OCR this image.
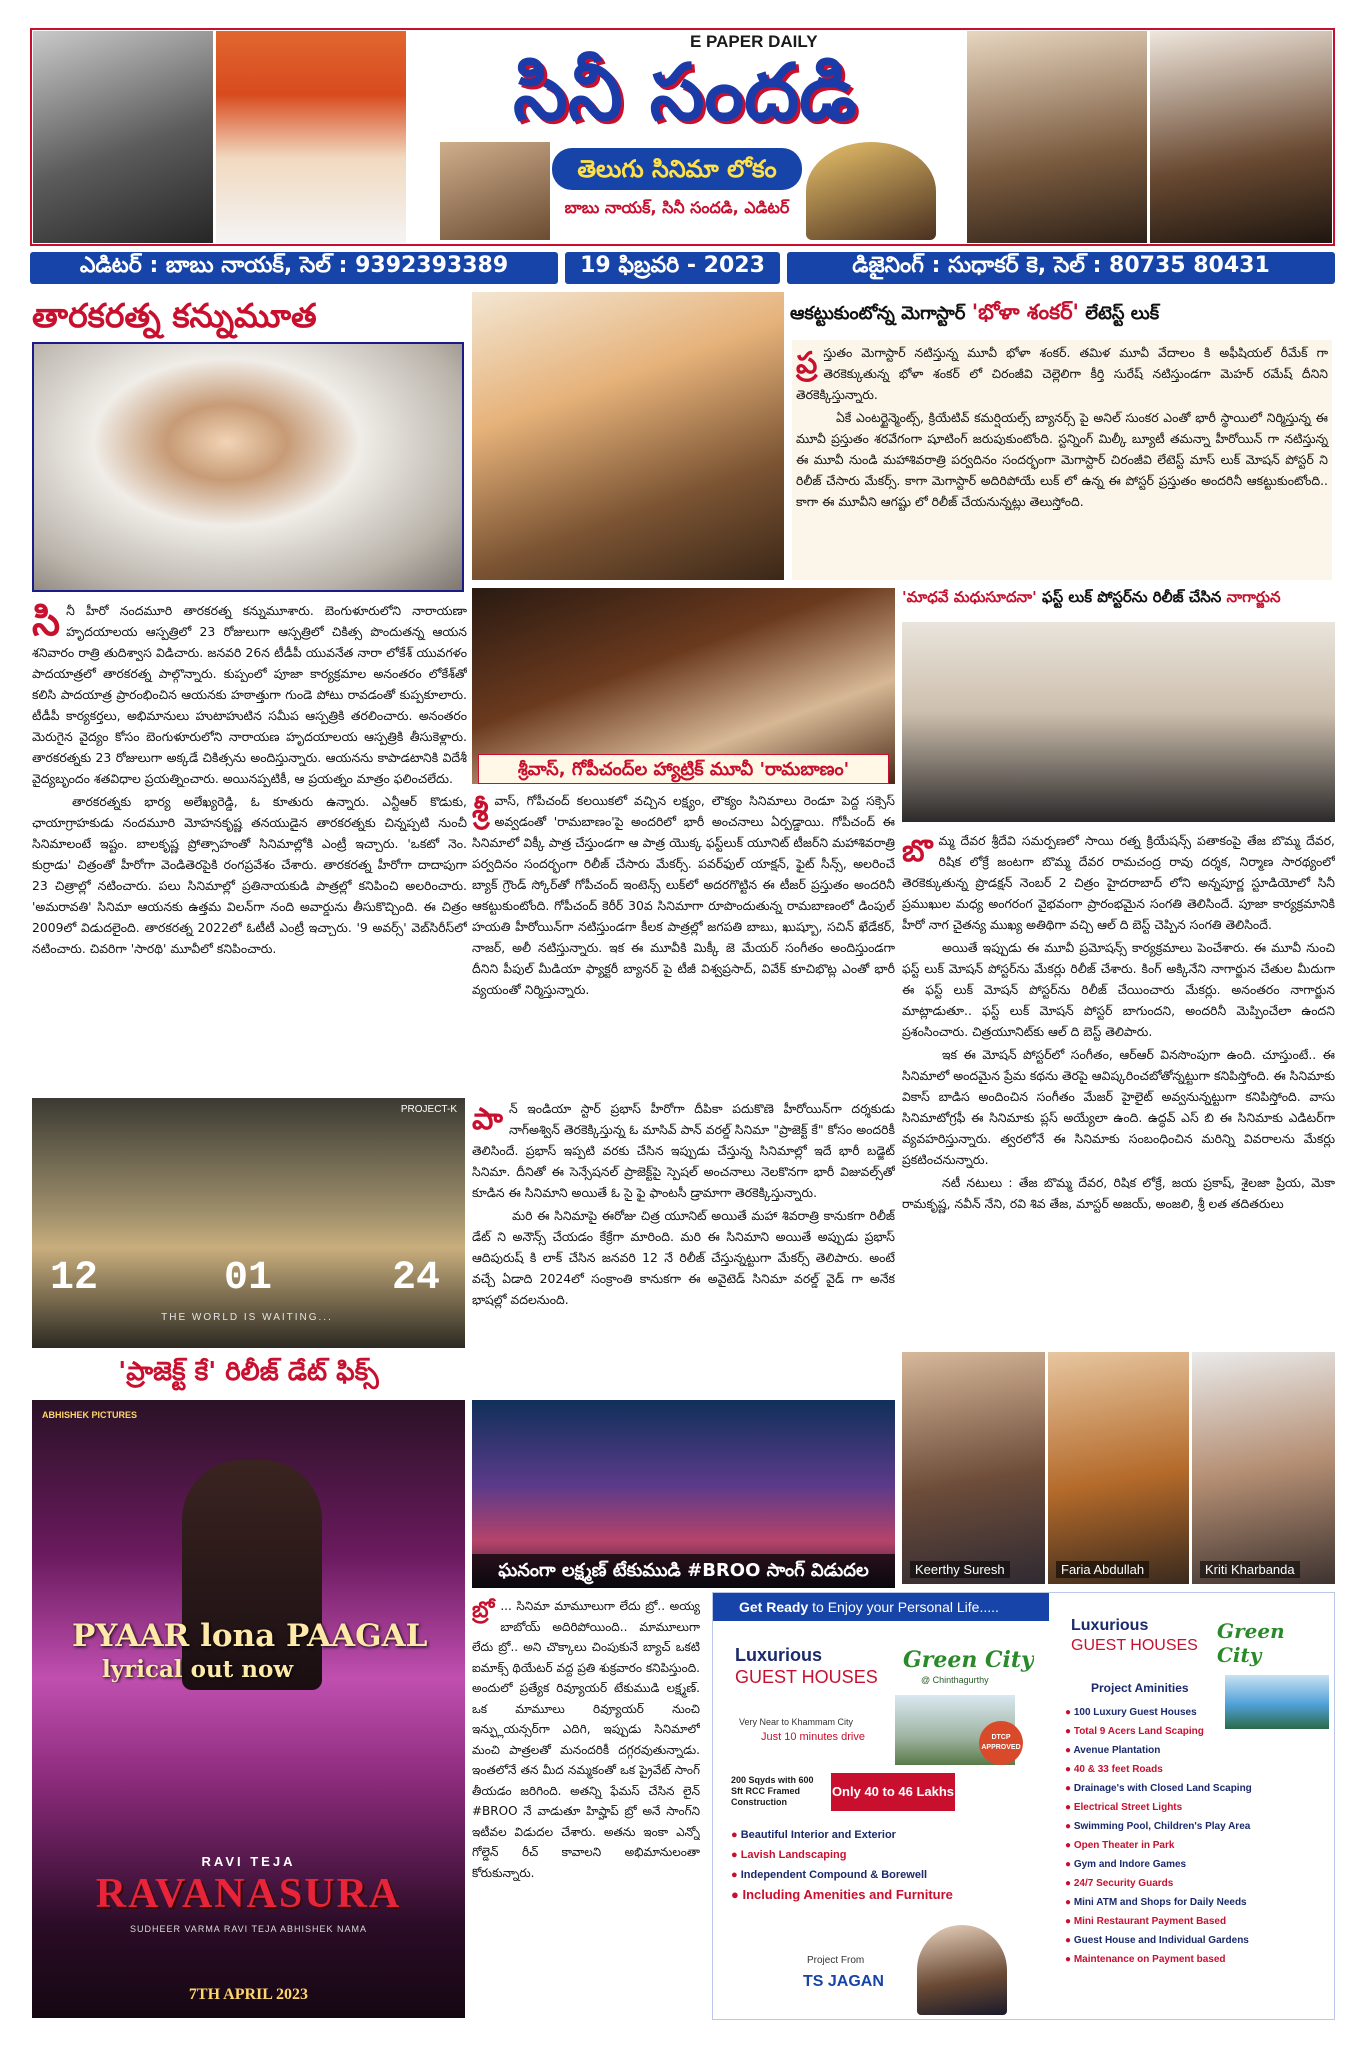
E PAPER DAILY
సినీ సందడి
తెలుగు సినిమా లోకం
బాబు నాయక్, సినీ సందడి, ఎడిటర్
ఎడిటర్ : బాబు నాయక్, సెల్ : 9392393389	19 ఫిబ్రవరి - 2023	డిజైనింగ్ : సుధాకర్ కె, సెల్ : 80735 80431
తారకరత్న కన్నుమూత
సి నీ హీరో నందమూరి తారకరత్న కన్నుమూశారు. బెంగుళూరులోని నారాయణా హృదయాలయ ఆస్పత్రిలో 23 రోజులుగా ఆస్పత్రిలో చికిత్స పొందుతన్న ఆయన శనివారం రాత్రి తుదిశ్వాస విడిచారు. జనవరి 26న టీడీపీ యువనేత నారా లోకేశ్ యువగళం పాదయాత్రలో తారకరత్న పాల్గొన్నారు. కుప్పంలో పూజా కార్యక్రమాల అనంతరం లోకేశ్‌తో కలిసి పాదయాత్ర ప్రారంభించిన ఆయనకు హఠాత్తుగా గుండె పోటు రావడంతో కుప్పకూలారు. టీడీపీ కార్యకర్తలు, అభిమానులు హుటాహుటిన సమీప ఆస్పత్రికి తరలించారు. అనంతరం మెరుగైన వైద్యం కోసం బెంగుళూరులోని నారాయణ హృదయాలయ ఆస్పత్రికి తీసుకెళ్లారు. తారకరత్నకు 23 రోజులుగా అక్కడే చికిత్సను అందిస్తున్నారు. ఆయనను కాపాడటానికి విదేశీ వైద్యబృందం శతవిధాల ప్రయత్నించారు. అయినప్పటికీ, ఆ ప్రయత్నం మాత్రం ఫలించలేదు.

తారకరత్నకు భార్య అలేఖ్యరెడ్డి, ఓ కూతురు ఉన్నారు. ఎన్టీఆర్ కొడుకు, ఛాయాగ్రాహకుడు నందమూరి మోహనకృష్ణ తనయుడైన తారకరత్నకు చిన్నప్పటి నుంచీ సినిమాలంటే ఇష్టం. బాలకృష్ణ ప్రోత్సాహంతో సినిమాల్లోకి ఎంట్రీ ఇచ్చారు. 'ఒకటో నెం. కుర్రాడు' చిత్రంతో హీరోగా వెండితెరపైకి రంగప్రవేశం చేశారు. తారకరత్న హీరోగా దాదాపుగా 23 చిత్రాల్లో నటించారు. పలు సినిమాల్లో ప్రతినాయకుడి పాత్రల్లో కనిపించి అలరించారు. 'అమరావతి' సినిమా ఆయనకు ఉత్తమ విలన్‌గా నంది అవార్డును తీసుకొచ్చింది. ఈ చిత్రం 2009లో విడుదలైంది. తారకరత్న 2022లో ఓటీటీ ఎంట్రీ ఇచ్చారు. '9 అవర్స్' వెబ్‌సిరీస్‌లో నటించారు. చివరిగా 'సారథి' మూవీలో కనిపించారు.

ఆకట్టుకుంటోన్న మెగాస్టార్ 'భోళా శంకర్' లేటెస్ట్ లుక్
ప్ర స్తుతం మెగాస్టార్ నటిస్తున్న మూవీ భోళా శంకర్. తమిళ మూవీ వేదాలం కి అఫీషియల్ రీమేక్ గా తెరకెక్కుతున్న భోళా శంకర్ లో చిరంజీవి చెల్లెలిగా కీర్తి సురేష్ నటిస్తుండగా మెహర్ రమేష్ దీనిని తెరకెక్కిస్తున్నారు.

ఏకే ఎంటర్టైన్మెంట్స్, క్రియేటివ్ కమర్షియల్స్ బ్యానర్స్ పై అనిల్ సుంకర ఎంతో భారీ స్థాయిలో నిర్మిస్తున్న ఈ మూవీ ప్రస్తుతం శరవేగంగా షూటింగ్ జరుపుకుంటోంది. స్టన్నింగ్ మిల్కీ బ్యూటీ తమన్నా హీరోయిన్ గా నటిస్తున్న ఈ మూవీ నుండి మహాశివరాత్రి పర్వదినం సందర్భంగా మెగాస్టార్ చిరంజీవి లేటెస్ట్ మాస్ లుక్ మోషన్ పోస్టర్ ని రిలీజ్ చేసారు మేకర్స్. కాగా మెగాస్టార్ అదిరిపోయే లుక్ లో ఉన్న ఈ పోస్టర్ ప్రస్తుతం అందరినీ ఆకట్టుకుంటోంది.. కాగా ఈ మూవీని ఆగష్టు లో రిలీజ్ చేయనున్నట్లు తెలుస్తోంది.

శ్రీవాస్, గోపీచంద్‌ల హ్యాట్రిక్ మూవీ 'రామబాణం'
శ్రీ వాస్, గోపీచంద్ కలయికలో వచ్చిన లక్ష్యం, లౌక్యం సినిమాలు రెండూ పెద్ద సక్సెస్ అవ్వడంతో 'రామబాణం'పై అందరిలో భారీ అంచనాలు ఏర్పడ్డాయి. గోపీచంద్ ఈ సినిమాలో విక్కీ పాత్ర చేస్తుండగా ఆ పాత్ర యొక్క ఫస్ట్‌లుక్ యూనిట్ టీజర్‌ని మహాశివరాత్రి పర్వదినం సందర్భంగా రిలీజ్ చేసారు మేకర్స్. పవర్‌ఫుల్ యాక్షన్, ఫైట్ సీన్స్, అలరించే బ్యాక్ గ్రౌండ్ స్కోర్‌తో గోపీచంద్ ఇంటెన్స్ లుక్‌లో అదరగొట్టిన ఈ టీజర్ ప్రస్తుతం అందరినీ ఆకట్టుకుంటోంది. గోపీచంద్ కెరీర్ 30వ సినిమాగా రూపొందుతున్న రామబాణంలో డింపుల్ హయతి హీరోయిన్‌గా నటిస్తుండగా కీలక పాత్రల్లో జగపతి బాబు, ఖుష్బూ, సచిన్ ఖేడేకర్, నాజర్, అలీ నటిస్తున్నారు. ఇక ఈ మూవీకి మిక్కీ జె మేయర్ సంగీతం అందిస్తుండగా దీనిని పీపుల్ మీడియా ఫ్యాక్టరీ బ్యానర్ పై టీజీ విశ్వప్రసాద్, వివేక్ కూచిభొట్ల ఎంతో భారీ వ్యయంతో నిర్మిస్తున్నారు.

'మాధవే మధుసూదనా' ఫస్ట్ లుక్ పోస్టర్‌ను రిలీజ్ చేసిన నాగార్జున
బొ మ్మ దేవర శ్రీదేవి సమర్పణలో సాయి రత్న క్రియేషన్స్ పతాకంపై తేజ బొమ్మ దేవర, రిషిక లోక్రే జంటగా బొమ్మ దేవర రామచంద్ర రావు దర్శక, నిర్మాణ సారథ్యంలో తెరకెక్కుతున్న ప్రొడక్షన్ నెంబర్ 2 చిత్రం హైదరాబాద్ లోని అన్నపూర్ణ స్టూడియోలో సినీ ప్రముఖుల మధ్య అంగరంగ వైభవంగా ప్రారంభమైన సంగతి తెలిసిందే. పూజా కార్యక్రమానికి హీరో నాగ చైతన్య ముఖ్య అతిథిగా వచ్చి ఆల్ ది బెస్ట్ చెప్పిన సంగతి తెలిసిందే.

అయితే ఇప్పుడు ఈ మూవీ ప్రమోషన్స్ కార్యక్రమాలు పెంచేశారు. ఈ మూవీ నుంచి ఫస్ట్ లుక్ మోషన్ పోస్టర్‌ను మేకర్లు రిలీజ్ చేశారు. కింగ్ అక్కినేని నాగార్జున చేతుల మీదుగా ఈ ఫస్ట్ లుక్ మోషన్ పోస్టర్‌ను రిలీజ్ చేయించారు మేకర్లు. అనంతరం నాగార్జున మాట్లాడుతూ.. ఫస్ట్ లుక్ మోషన్ పోస్టర్ బాగుందని, అందరినీ మెప్పించేలా ఉందని ప్రశంసించారు. చిత్రయూనిట్‌కు ఆల్ ది బెస్ట్ తెలిపారు.

ఇక ఈ మోషన్ పోస్టర్‌లో సంగీతం, ఆర్‌ఆర్ వినసొంపుగా ఉంది. చూస్తుంటే.. ఈ సినిమాలో అందమైన ప్రేమ కథను తెరపై ఆవిష్కరించబోతోన్నట్టుగా కనిపిస్తోంది. ఈ సినిమాకు వికాస్ బాడిస అందించిన సంగీతం మేజర్ హైలైట్ అవ్వనున్నట్టుగా కనిపిస్తోంది. వాసు సినిమాటోగ్రఫీ ఈ సినిమాకు ప్లస్ అయ్యేలా ఉంది. ఉద్ధవ్ ఎస్ బి ఈ సినిమాకు ఎడిటర్‌గా వ్యవహరిస్తున్నారు. త్వరలోనే ఈ సినిమాకు సంబంధించిన మరిన్ని వివరాలను మేకర్లు ప్రకటించనున్నారు.

నటీ నటులు : తేజ బొమ్మ దేవర, రిషిక లోక్రే, జయ ప్రకాష్, శైలజా ప్రియ, మెకా రామకృష్ణ, నవీన్ నేని, రవి శివ తేజ, మాస్టర్ అజయ్, అంజలి, శ్రీ లత తదితరులు

PROJECT-K
12	01	24
THE WORLD IS WAITING...
'ప్రాజెక్ట్ కే' రిలీజ్ డేట్ ఫిక్స్
పా న్ ఇండియా స్టార్ ప్రభాస్ హీరోగా దీపికా పదుకొణె హీరోయిన్‌గా దర్శకుడు నాగ్‌అశ్విన్ తెరకెక్కిస్తున్న ఓ మాసివ్ పాన్ వరల్డ్ సినిమా "ప్రాజెక్ట్ కే" కోసం అందరికీ తెలిసిందే. ప్రభాస్ ఇప్పటి వరకు చేసిన ఇప్పుడు చేస్తున్న సినిమాల్లో ఇదే భారీ బడ్జెట్ సినిమా. దీనితో ఈ సెన్సేషనల్ ప్రాజెక్ట్‌పై స్పెషల్ అంచనాలు నెలకొనగా భారీ విజువల్స్‌తో కూడిన ఈ సినిమాని అయితే ఓ సై ఫై ఫాంటసీ డ్రామాగా తెరకెక్కిస్తున్నారు.

మరి ఈ సినిమాపై ఈరోజు చిత్ర యూనిట్ అయితే మహా శివరాత్రి కానుకగా రిలీజ్ డేట్ ని అనౌన్స్ చేయడం కేక్రేగా మారింది. మరి ఈ సినిమాని అయితే అప్పుడు ప్రభాస్ ఆదిపురుష్ కి లాక్ చేసిన జనవరి 12 నే రిలీజ్ చేస్తున్నట్టుగా మేకర్స్ తెలిపారు. అంటే వచ్చే ఏడాది 2024లో సంక్రాంతి కానుకగా ఈ అవైటెడ్ సినిమా వరల్డ్ వైడ్ గా అనేక భాషల్లో వదలనుంది.

Keerthy Suresh	Faria Abdullah	Kriti Kharbanda
ఘనంగా లక్ష్మణ్ టేకుముడి #BROO సాంగ్ విడుదల
ABHISHEK PICTURES
PYAAR lona PAAGAL
lyrical out now
RAVI TEJA
RAVANASURA
SUDHEER VARMA RAVI TEJA ABHISHEK NAMA
7TH APRIL 2023
బ్రో ... సినిమా మామూలుగా లేదు బ్రో.. అయ్య బాబోయ్ అదిరిపోయింది.. మామూలుగా లేదు బ్రో.. అని చొక్కాలు చింపుకునే బ్యాచ్ ఒకటి ఐమాక్స్ థియేటర్ వద్ద ప్రతి శుక్రవారం కనిపిస్తుంది. అందులో ప్రత్యేక రివ్యూయర్ టేకుముడి లక్ష్మణ్. ఒక మామూలు రివ్యూయర్ నుంచి ఇన్ఫ్లుయన్సర్‌గా ఎదిగి, ఇప్పుడు సినిమాలో మంచి పాత్రలతో మనందరికీ దగ్గరవుతున్నాడు. ఇంతలోనే తన మీద నమ్మకంతో ఒక ప్రైవేట్ సాంగ్ తీయడం జరిగింది. అతన్ని ఫేమస్ చేసిన లైన్ #BROO నే వాడుతూ హిప్హాప్ బ్రో అనే సాంగ్‌ని ఇటీవల విడుదల చేశారు. అతను ఇంకా ఎన్నో గోల్డెన్ రీచ్ కావాలని అభిమానులంతా కోరుకున్నారు.

Get Ready to Enjoy your Personal Life.....
Luxurious
GUEST HOUSES
Green City
@ Chinthagurthy
Very Near to Khammam City
Just 10 minutes drive	DTCP APPROVED
200 Sqyds with 600 Sft RCC Framed Construction
Only 40 to 46 Lakhs
● Beautiful Interior and Exterior
● Lavish Landscaping
● Independent Compound & Borewell
● Including Amenities and Furniture
Project From
TS JAGAN
Luxurious
GUEST HOUSES
Green City
Project Aminities
● 100 Luxury Guest Houses
● Total 9 Acers Land Scaping
● Avenue Plantation
● 40 & 33 feet Roads
● Drainage's with Closed Land Scaping
● Electrical Street Lights
● Swimming Pool, Children's Play Area
● Open Theater in Park
● Gym and Indore Games
● 24/7 Security Guards
● Mini ATM and Shops for Daily Needs
● Mini Restaurant Payment Based
● Guest House and Individual Gardens
● Maintenance on Payment based
